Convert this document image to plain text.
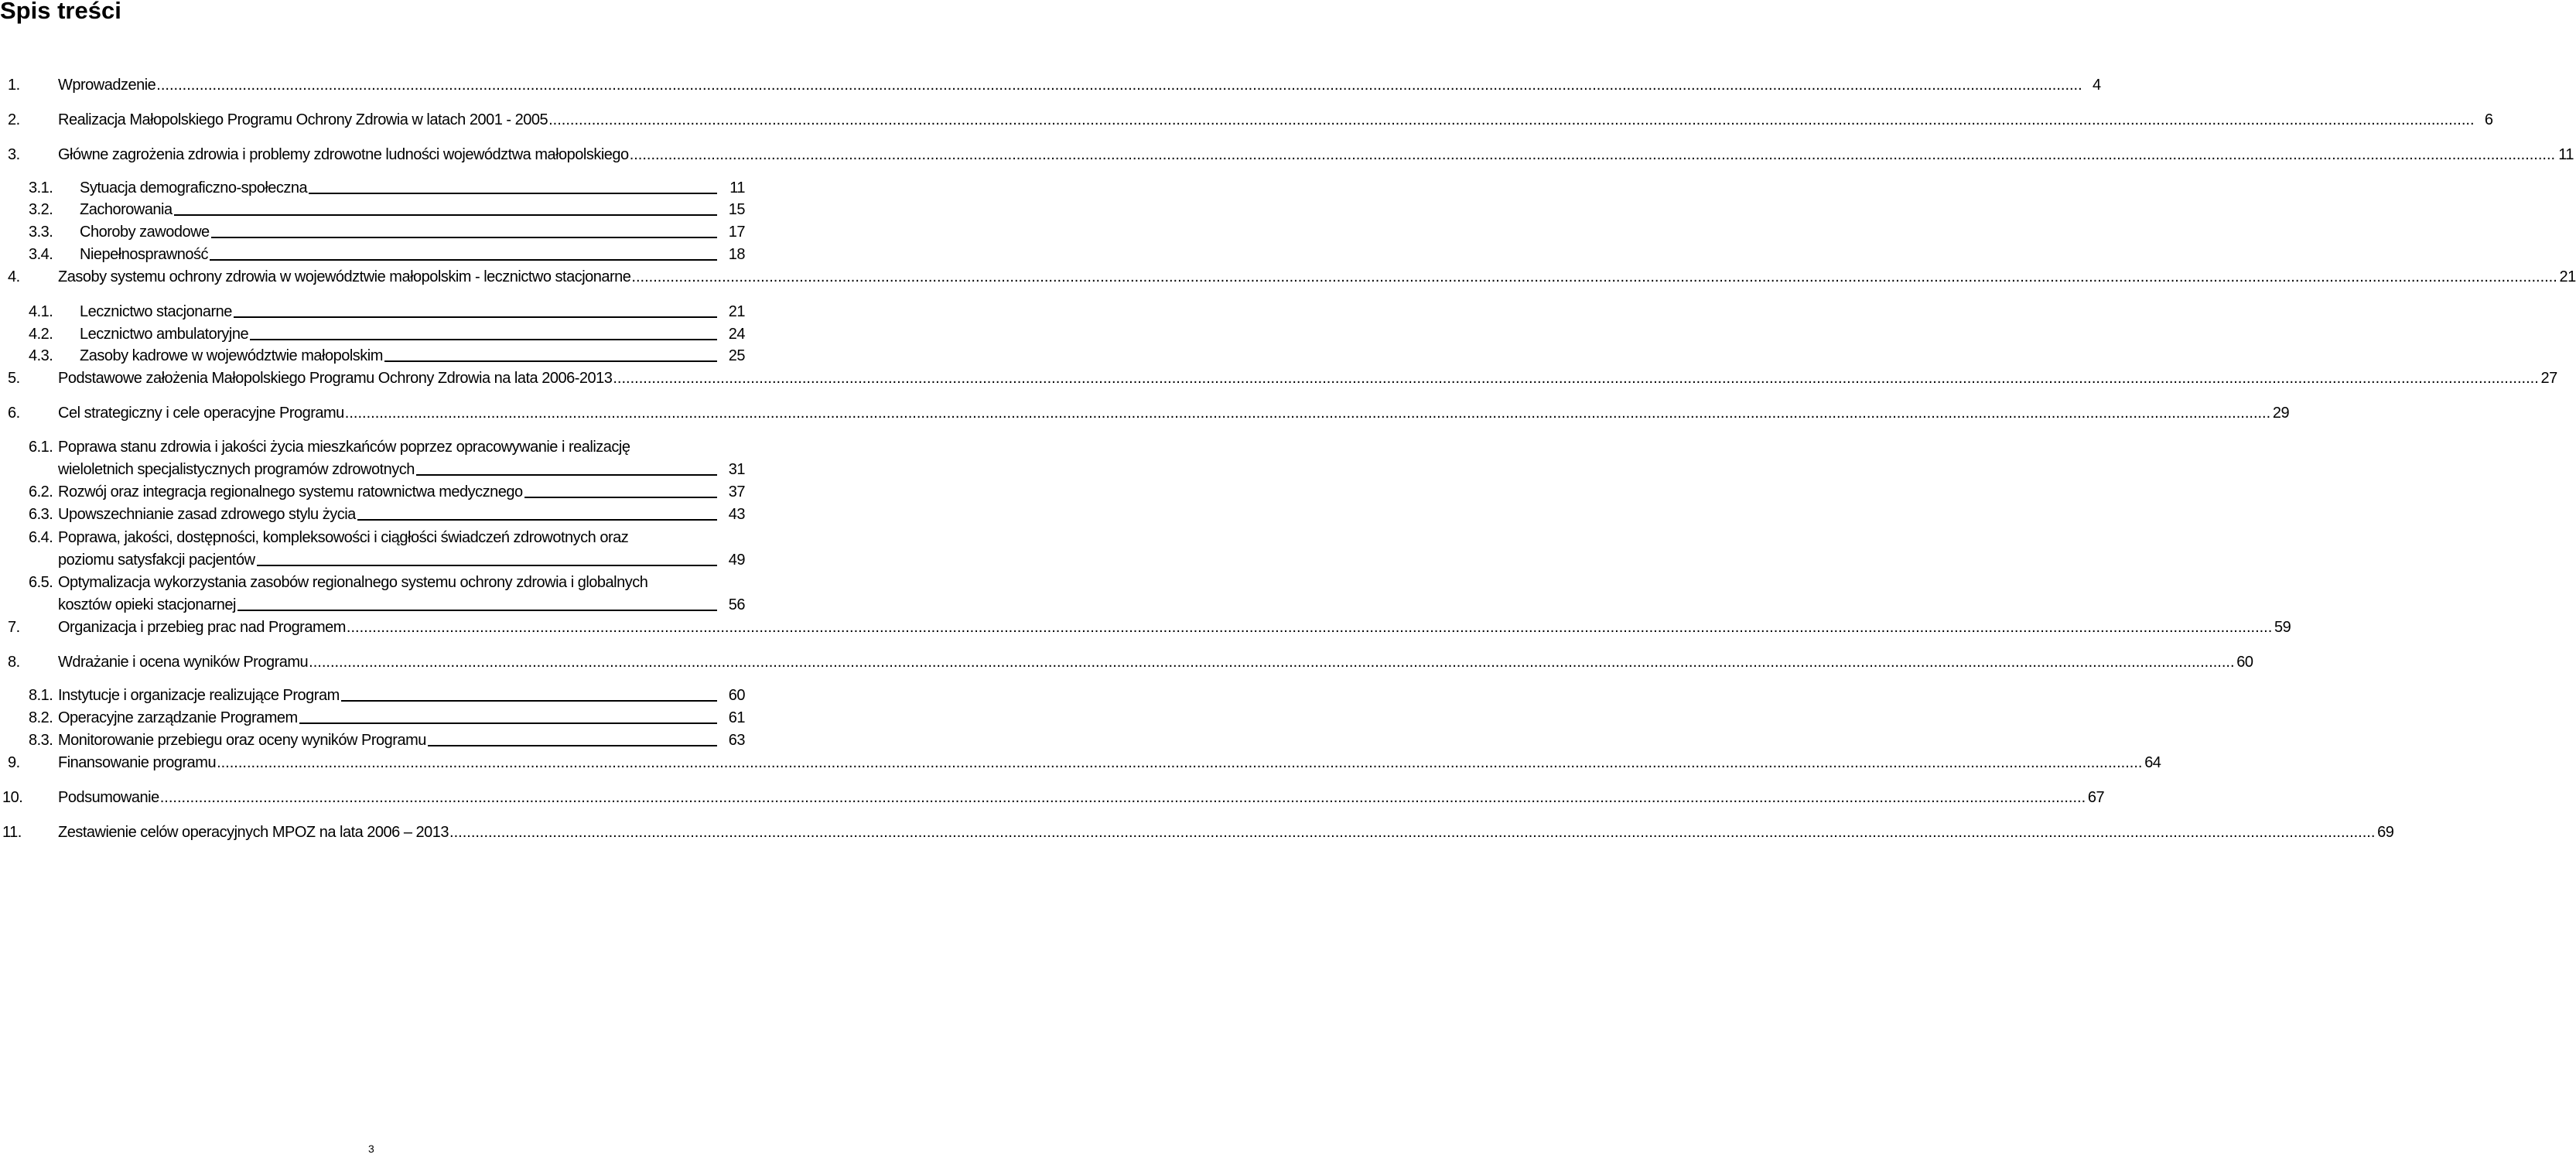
Spis treści
1. Wprowadzenie .....	4
2. Realizacja Małopolskiego Programu Ochrony Zdrowia w latach 2001 - 2005 .....	6
3. Główne zagrożenia zdrowia i problemy zdrowotne ludności województwa małopolskiego .....	11
3.1. Sytuacja demograficzno-społeczna	11
3.2. Zachorowania	15
3.3. Choroby zawodowe	17
3.4. Niepełnosprawność	18
4. Zasoby systemu ochrony zdrowia w województwie małopolskim - lecznictwo stacjonarne .....	21
4.1. Lecznictwo stacjonarne	21
4.2. Lecznictwo ambulatoryjne	24
4.3. Zasoby kadrowe w województwie małopolskim	25
5. Podstawowe założenia Małopolskiego Programu Ochrony Zdrowia na lata 2006-2013 .....	27
6. Cel strategiczny i cele operacyjne Programu .....	29
6.1. Poprawa stanu zdrowia i jakości życia mieszkańców poprzez opracowywanie i realizację
wieloletnich specjalistycznych programów zdrowotnych	31
6.2. Rozwój oraz integracja regionalnego systemu ratownictwa medycznego	37
6.3. Upowszechnianie zasad zdrowego stylu życia	43
6.4. Poprawa, jakości, dostępności, kompleksowości i ciągłości świadczeń zdrowotnych oraz
poziomu satysfakcji pacjentów	49
6.5. Optymalizacja wykorzystania zasobów regionalnego systemu ochrony zdrowia i globalnych
kosztów opieki stacjonarnej	56
7. Organizacja i przebieg prac nad Programem .....	59
8. Wdrażanie i ocena wyników Programu .....	60
8.1. Instytucje i organizacje realizujące Program	60
8.2. Operacyjne zarządzanie Programem	61
8.3. Monitorowanie przebiegu oraz oceny wyników Programu	63
9. Finansowanie programu .....	64
10. Podsumowanie .....	67
11. Zestawienie celów operacyjnych MPOZ na lata 2006 – 2013 .....	69
3
